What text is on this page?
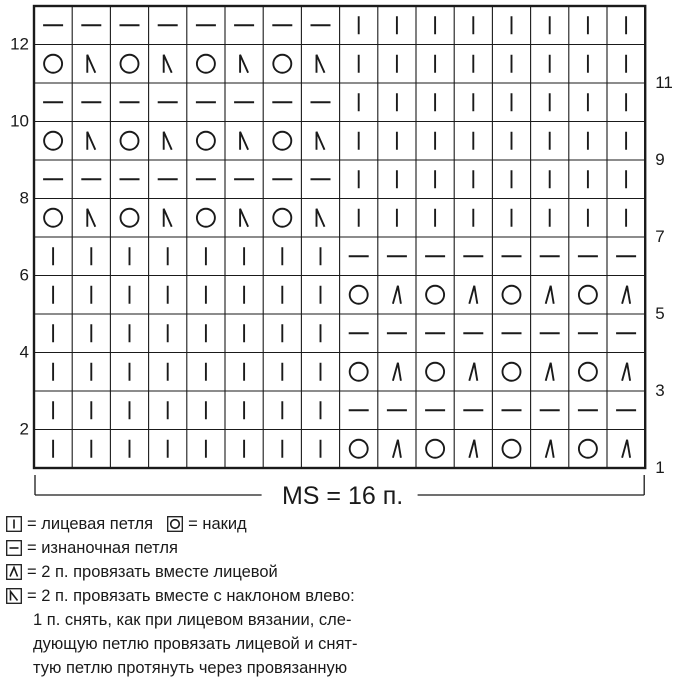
12
11
10
9
8
7
6
5
4
3
2
1
MS = 16 п.
= лицевая петля = накид
= изнаночная петля
= 2 п. провязать вместе лицевой
= 2 п. провязать вместе с наклоном влево:
1 п. снять, как при лицевом вязании, сле-
дующую петлю провязать лицевой и снят-
тую петлю протянуть через провязанную
